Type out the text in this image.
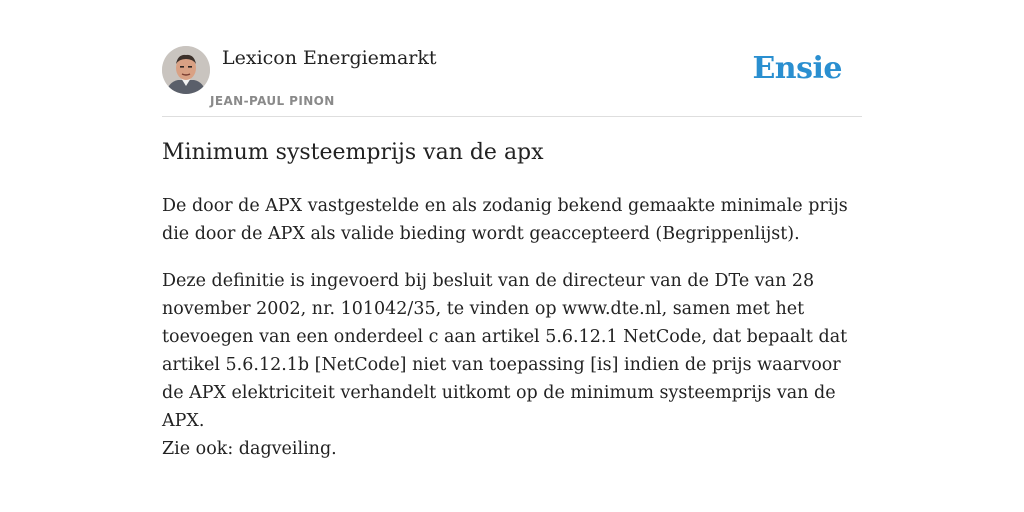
Lexicon Energiemarkt
JEAN-PAUL PINON
Ensie
Minimum systeemprijs van de apx

De door de APX vastgestelde en als zodanig bekend gemaakte minimale prijs die door de APX als valide bieding wordt geaccepteerd (Begrippenlijst).

Deze definitie is ingevoerd bij besluit van de directeur van de DTe van 28 november 2002, nr. 101042/35, te vinden op www.dte.nl, samen met het toevoegen van een onderdeel c aan artikel 5.6.12.1 NetCode, dat bepaalt dat artikel 5.6.12.1b [NetCode] niet van toepassing [is] indien de prijs waarvoor de APX elektriciteit verhandelt uitkomt op de minimum systeemprijs van de APX.

Zie ook: dagveiling.
